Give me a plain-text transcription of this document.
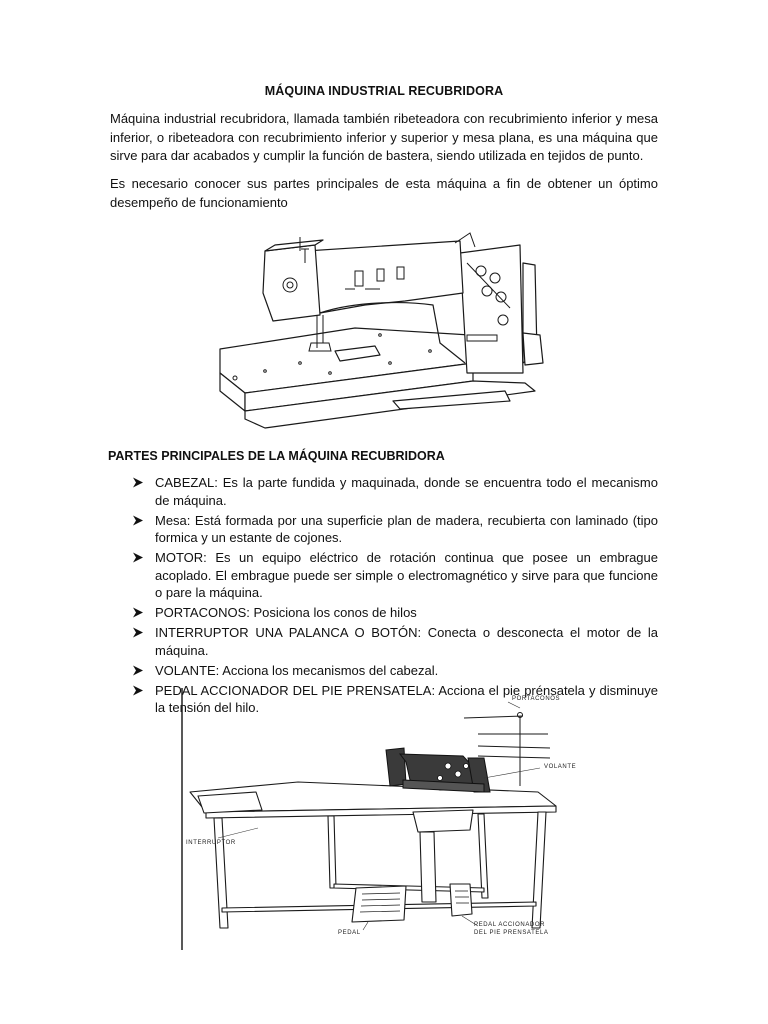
MÁQUINA INDUSTRIAL RECUBRIDORA

Máquina industrial recubridora, llamada también ribeteadora con recubrimiento inferior y mesa inferior, o ribeteadora con recubrimiento inferior y superior y mesa plana, es una máquina que sirve para dar acabados y cumplir la función de bastera, siendo utilizada en tejidos de punto.

Es necesario conocer sus partes principales de esta máquina a fin de obtener un óptimo desempeño de funcionamiento

PARTES PRINCIPALES DE LA MÁQUINA RECUBRIDORA
CABEZAL: Es la parte fundida y maquinada, donde se encuentra todo el mecanismo de máquina.
Mesa: Está formada por una superficie plan de madera, recubierta con laminado (tipo formica y un estante de cojones.
MOTOR: Es un equipo eléctrico de rotación continua que posee un embrague acoplado. El embrague puede ser simple o electromagnético y sirve para que funcione o pare la máquina.
PORTACONOS: Posiciona los conos de hilos
INTERRUPTOR UNA PALANCA O BOTÓN: Conecta o desconecta el motor de la máquina.
VOLANTE: Acciona los mecanismos del cabezal.
PEDAL ACCIONADOR DEL PIE PRENSATELA: Acciona el pie prénsatela y disminuye la tensión del hilo.
PORTACONOS
VOLANTE
INTERRUPTOR
PEDAL
PEDAL ACCIONADOR
DEL PIE PRENSATELA
